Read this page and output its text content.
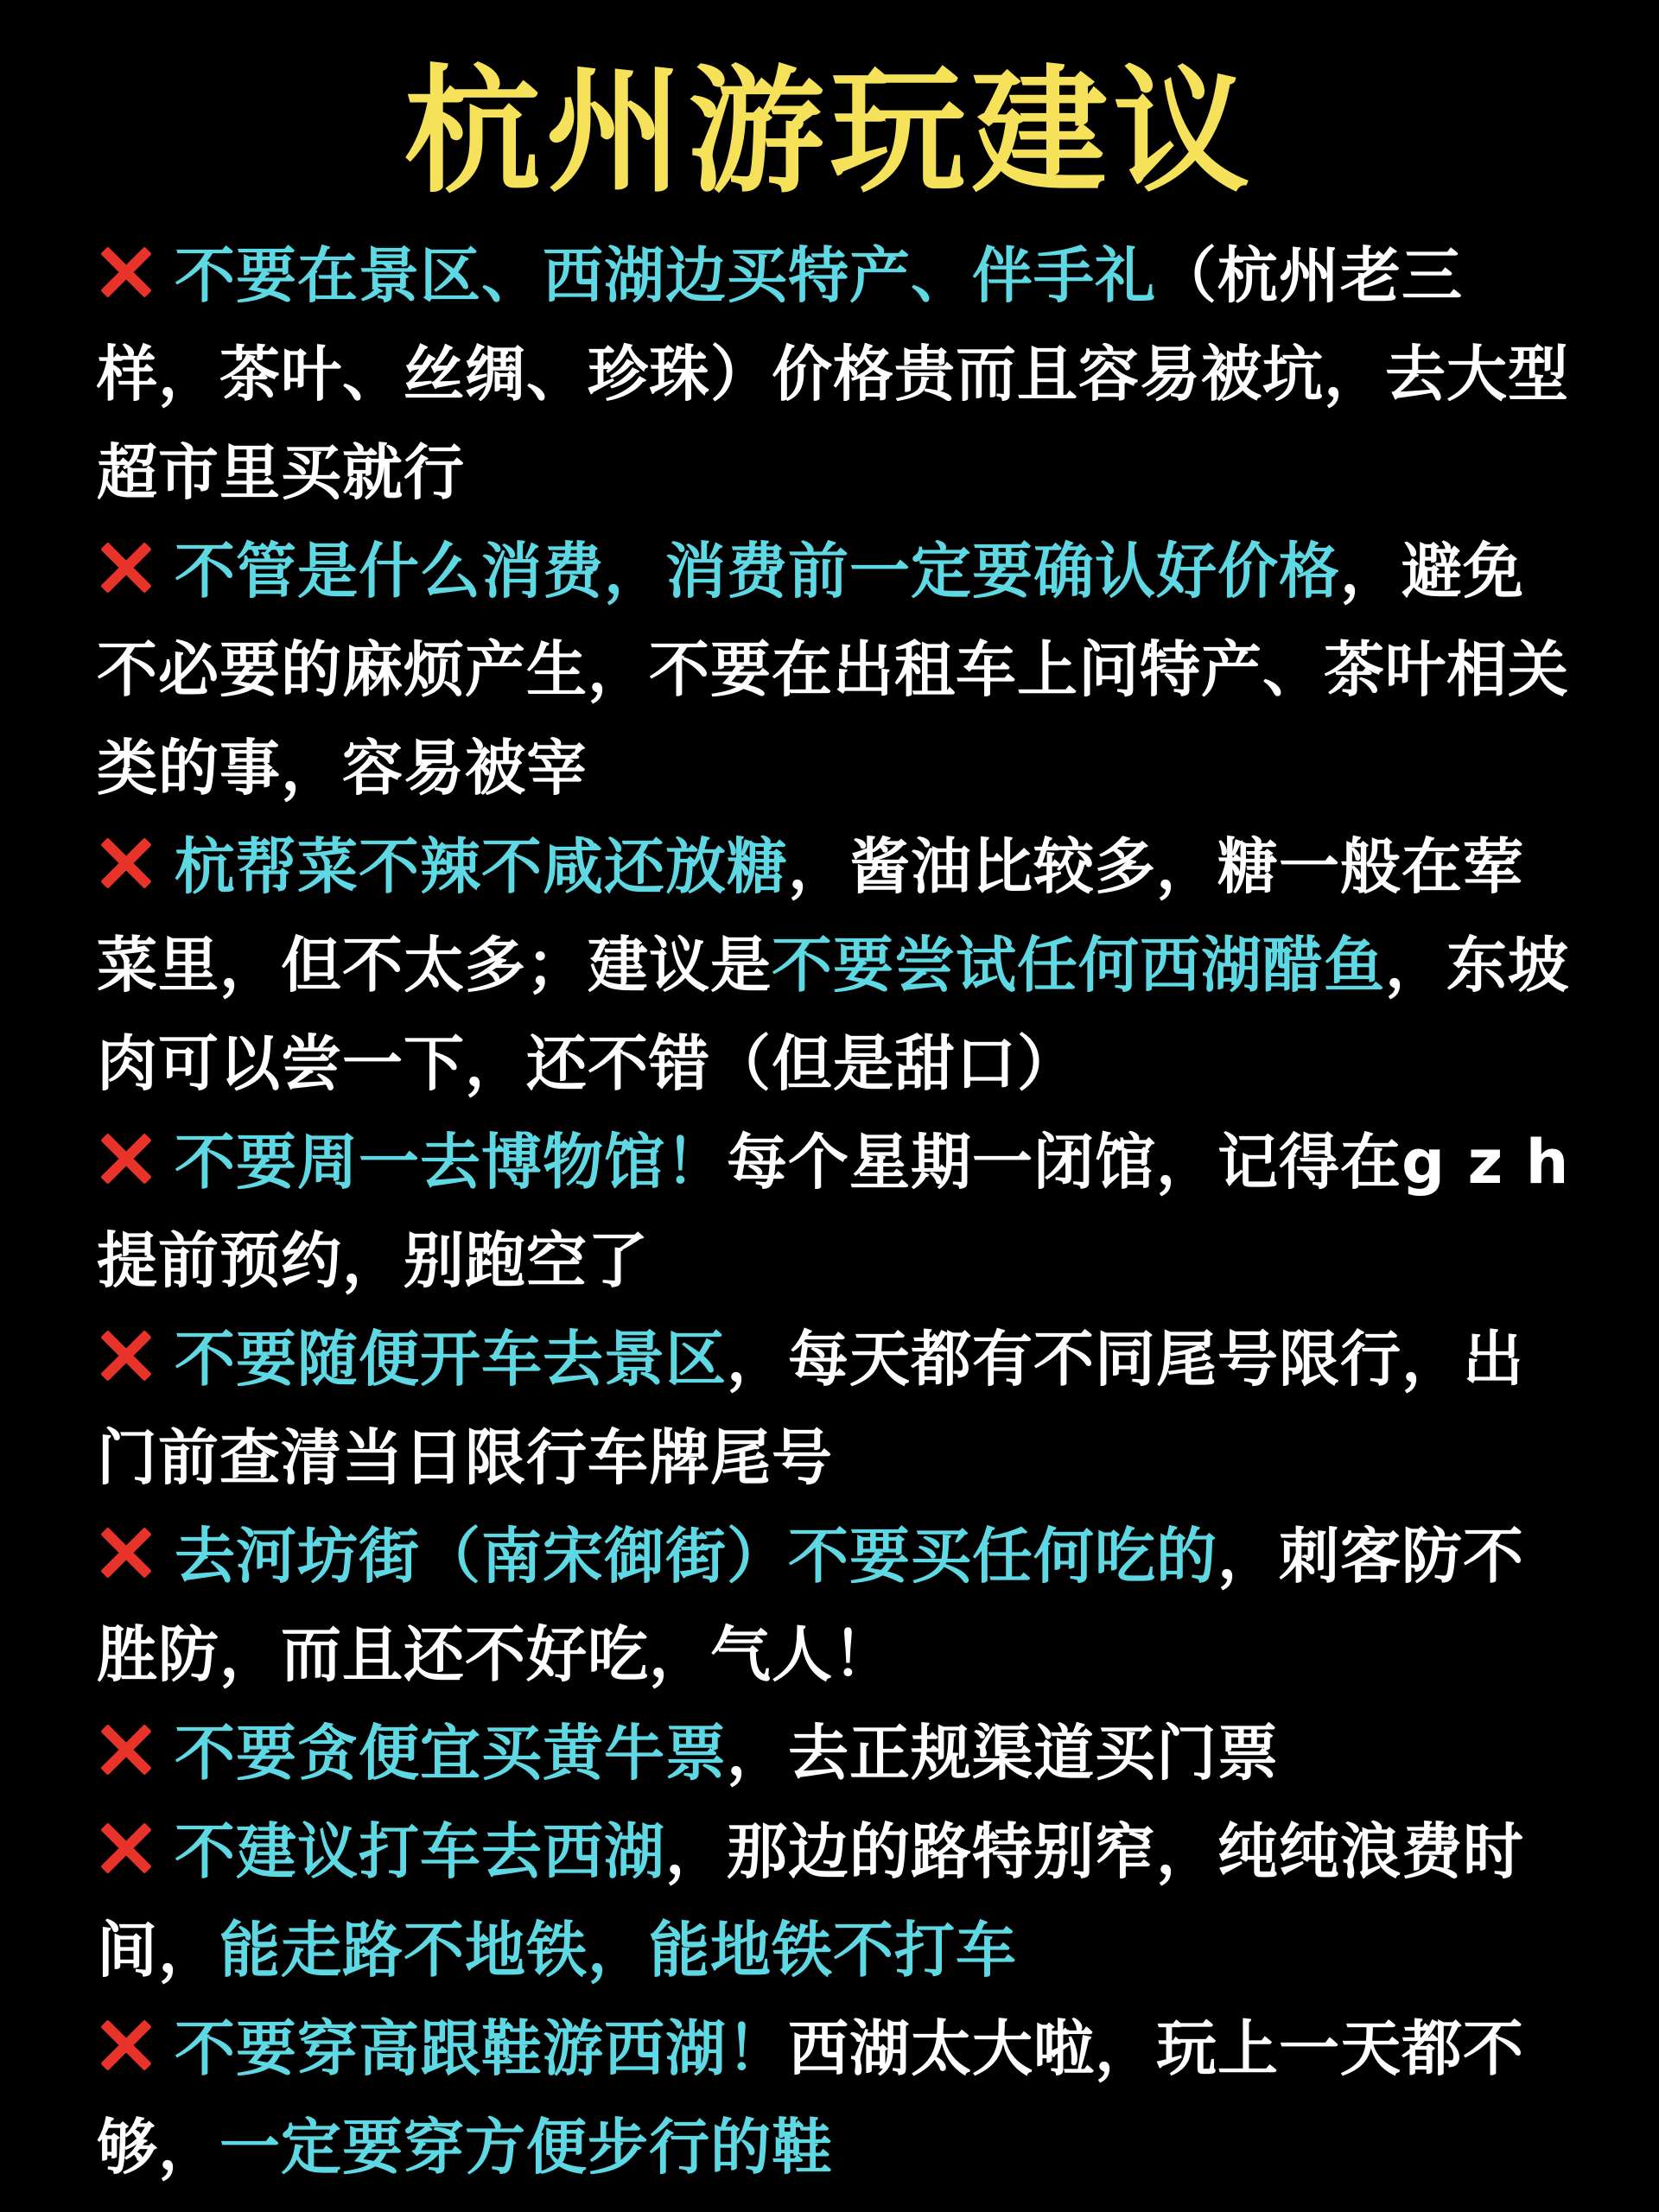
杭州游玩建议
不要在景区、西湖边买特产、伴手礼（杭州老三样，茶叶、丝绸、珍珠）价格贵而且容易被坑，去大型超市里买就行
不管是什么消费，消费前一定要确认好价格，避免不必要的麻烦产生，不要在出租车上问特产、茶叶相关类的事，容易被宰
杭帮菜不辣不咸还放糖，酱油比较多，糖一般在荤菜里，但不太多；建议是不要尝试任何西湖醋鱼，东坡肉可以尝一下，还不错（但是甜口）
不要周一去博物馆！每个星期一闭馆，记得在g z h提前预约，别跑空了
不要随便开车去景区，每天都有不同尾号限行，出门前查清当日限行车牌尾号
去河坊街（南宋御街）不要买任何吃的，刺客防不胜防，而且还不好吃，气人！
不要贪便宜买黄牛票，去正规渠道买门票
不建议打车去西湖，那边的路特别窄，纯纯浪费时间，能走路不地铁，能地铁不打车
不要穿高跟鞋游西湖！西湖太大啦，玩上一天都不够，一定要穿方便步行的鞋
